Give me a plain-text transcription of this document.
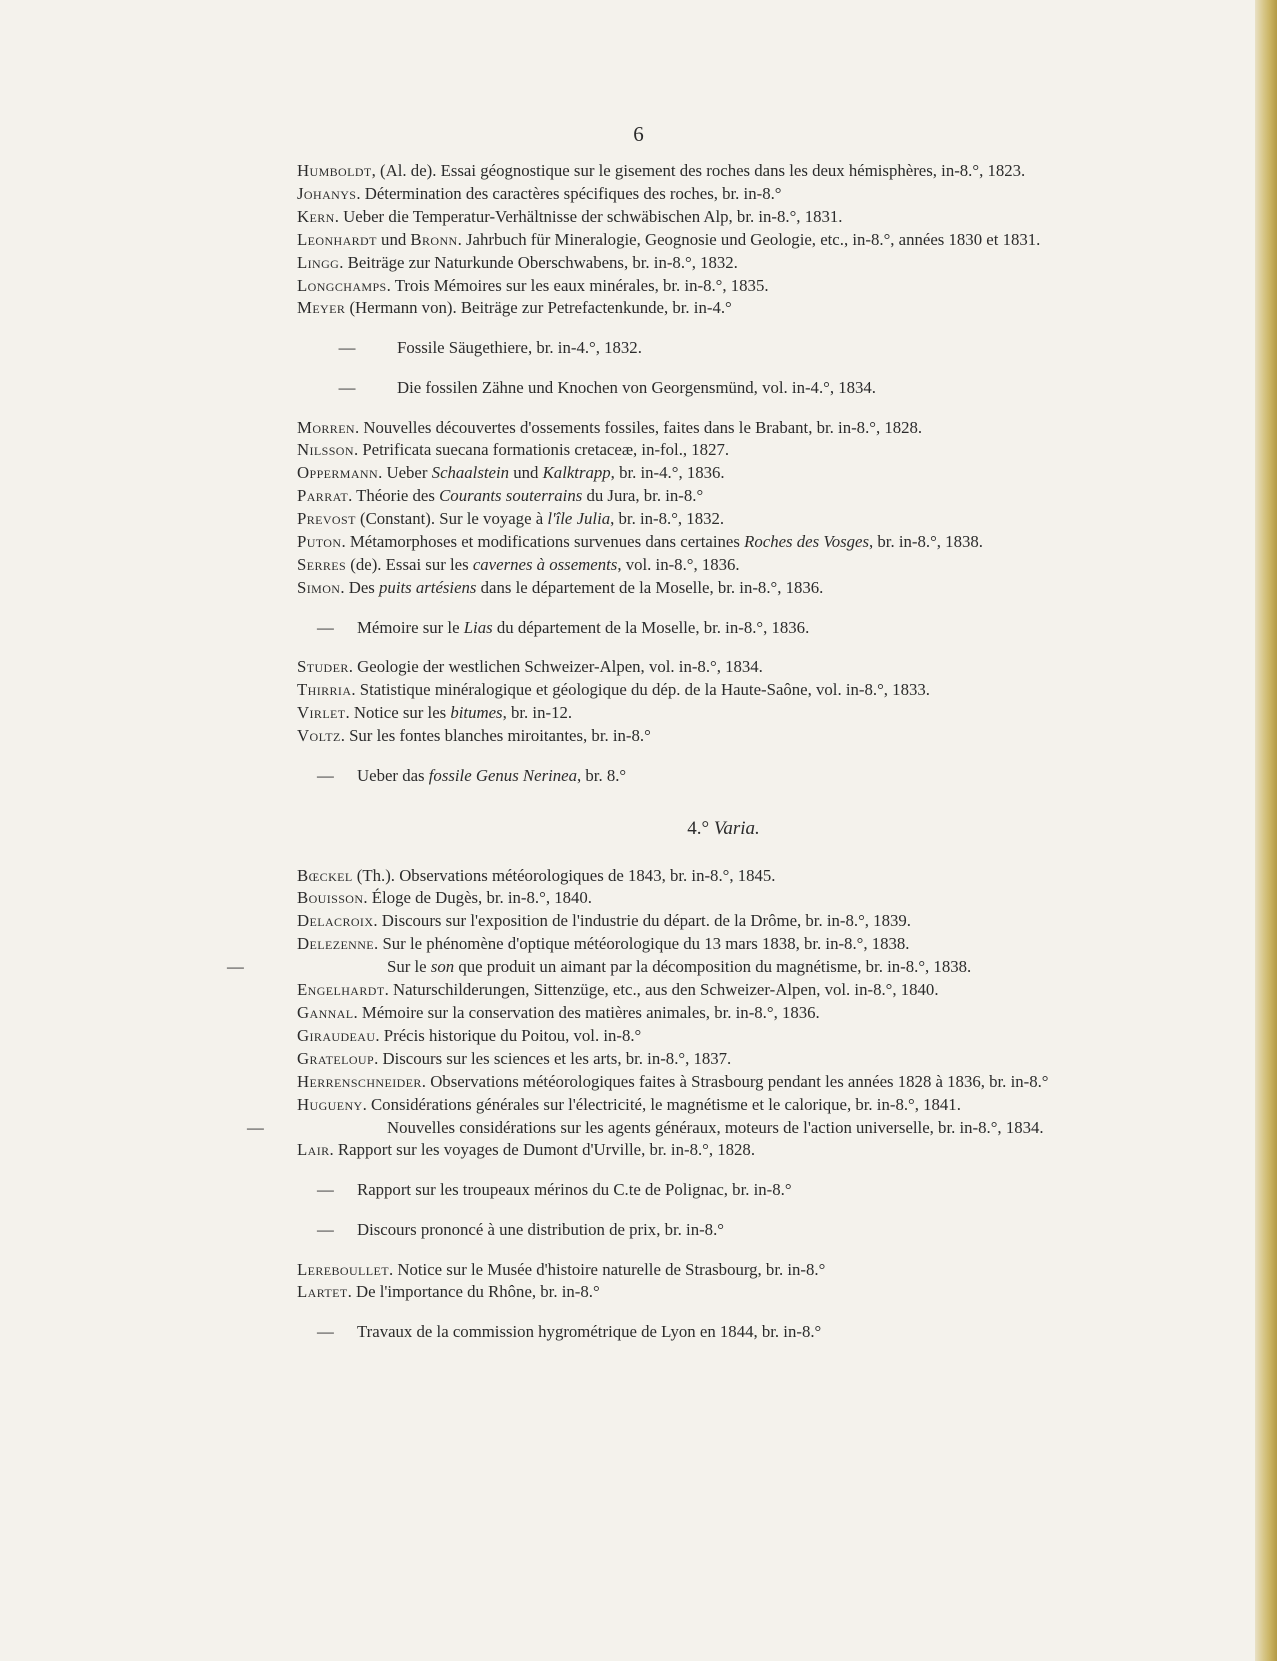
6

Humboldt, (Al. de). Essai géognostique sur le gisement des roches dans les deux hémisphères, in-8.°, 1823.

Johanys. Détermination des caractères spécifiques des roches, br. in-8.°

Kern. Ueber die Temperatur-Verhältnisse der schwäbischen Alp, br. in-8.°, 1831.

Leonhardt und Bronn. Jahrbuch für Mineralogie, Geognosie und Geologie, etc., in-8.°, années 1830 et 1831.

Lingg. Beiträge zur Naturkunde Oberschwabens, br. in-8.°, 1832.

Longchamps. Trois Mémoires sur les eaux minérales, br. in-8.°, 1835.

Meyer (Hermann von). Beiträge zur Petrefactenkunde, br. in-4.°

— Fossile Säugethiere, br. in-4.°, 1832.

— Die fossilen Zähne und Knochen von Georgensmünd, vol. in-4.°, 1834.

Morren. Nouvelles découvertes d'ossements fossiles, faites dans le Brabant, br. in-8.°, 1828.

Nilsson. Petrificata suecana formationis cretaceæ, in-fol., 1827.

Oppermann. Ueber Schaalstein und Kalktrapp, br. in-4.°, 1836.

Parrat. Théorie des Courants souterrains du Jura, br. in-8.°

Prevost (Constant). Sur le voyage à l'île Julia, br. in-8.°, 1832.

Puton. Métamorphoses et modifications survenues dans certaines Roches des Vosges, br. in-8.°, 1838.

Serres (de). Essai sur les cavernes à ossements, vol. in-8.°, 1836.

Simon. Des puits artésiens dans le département de la Moselle, br. in-8.°, 1836.

— Mémoire sur le Lias du département de la Moselle, br. in-8.°, 1836.

Studer. Geologie der westlichen Schweizer-Alpen, vol. in-8.°, 1834.

Thirria. Statistique minéralogique et géologique du dép. de la Haute-Saône, vol. in-8.°, 1833.

Virlet. Notice sur les bitumes, br. in-12.

Voltz. Sur les fontes blanches miroitantes, br. in-8.°

— Ueber das fossile Genus Nerinea, br. 8.°

4.° Varia.

Bœckel (Th.). Observations météorologiques de 1843, br. in-8.°, 1845.

Bouisson. Éloge de Dugès, br. in-8.°, 1840.

Delacroix. Discours sur l'exposition de l'industrie du départ. de la Drôme, br. in-8.°, 1839.

Delezenne. Sur le phénomène d'optique météorologique du 13 mars 1838, br. in-8.°, 1838.

—	Sur le son que produit un aimant par la décomposition du magnétisme, br. in-8.°, 1838.

Engelhardt. Naturschilderungen, Sittenzüge, etc., aus den Schweizer-Alpen, vol. in-8.°, 1840.

Gannal. Mémoire sur la conservation des matières animales, br. in-8.°, 1836.

Giraudeau. Précis historique du Poitou, vol. in-8.°

Grateloup. Discours sur les sciences et les arts, br. in-8.°, 1837.

Herrenschneider. Observations météorologiques faites à Strasbourg pendant les années 1828 à 1836, br. in-8.°

Hugueny. Considérations générales sur l'électricité, le magnétisme et le calorique, br. in-8.°, 1841.

—	Nouvelles considérations sur les agents généraux, moteurs de l'action universelle, br. in-8.°, 1834.

Lair. Rapport sur les voyages de Dumont d'Urville, br. in-8.°, 1828.

— Rapport sur les troupeaux mérinos du C.te de Polignac, br. in-8.°

— Discours prononcé à une distribution de prix, br. in-8.°

Lereboullet. Notice sur le Musée d'histoire naturelle de Strasbourg, br. in-8.°

Lartet. De l'importance du Rhône, br. in-8.°

— Travaux de la commission hygrométrique de Lyon en 1844, br. in-8.°
